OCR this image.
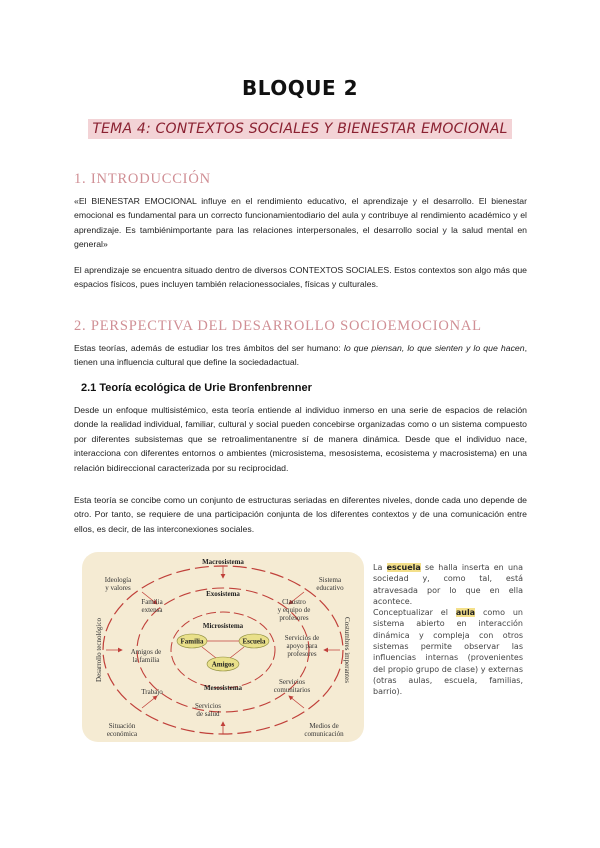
BLOQUE 2
TEMA 4: CONTEXTOS SOCIALES Y BIENESTAR EMOCIONAL
1. INTRODUCCIÓN
«El BIENESTAR EMOCIONAL influye en el rendimiento educativo, el aprendizaje y el desarrollo. El bienestar emocional es fundamental para un correcto funcionamientodiario del aula y contribuye al rendimiento académico y el aprendizaje. Es tambiénimportante para las relaciones interpersonales, el desarrollo social y la salud mental en general»
El aprendizaje se encuentra situado dentro de diversos CONTEXTOS SOCIALES. Estos contextos son algo más que espacios físicos, pues incluyen también relacionessociales, físicas y culturales.
2. PERSPECTIVA DEL DESARROLLO SOCIOEMOCIONAL
Estas teorías, además de estudiar los tres ámbitos del ser humano: lo que piensan, lo que sienten y lo que hacen, tienen una influencia cultural que define la sociedadactual.
2.1 Teoría ecológica de Urie Bronfenbrenner
Desde un enfoque multisistémico, esta teoría entiende al individuo inmerso en una serie de espacios de relación donde la realidad individual, familiar, cultural y social pueden concebirse organizadas como o un sistema compuesto por diferentes subsistemas que se retroalimentanentre sí de manera dinámica. Desde que el individuo nace, interacciona con diferentes entornos o ambientes (microsistema, mesosistema, ecosistema y macrosistema) en una relación bidireccional caracterizada por su reciprocidad.
Esta teoría se concibe como un conjunto de estructuras seriadas en diferentes niveles, donde cada uno depende de otro. Por tanto, se requiere de una participación conjunta de los diferentes contextos y de una comunicación entre ellos, es decir, de las interconexiones sociales.
Macrosistema
Exosistema
Microsistema
Mesosistema
Familia	Escuela
Amigos
Ideología
y valores
Sistema
educativo
Familia
extensa
Claustro
y equipo de
profesores
Amigos de
la familia
Servicios de
apoyo para
profesores
Desarrollo tecnológico	Costumbres imperantes
Trabajo
Servicios
comunitarios
Servicios
de salud
Situación
económica
Medios de
comunicación

La escuela se halla inserta en una sociedad y, como tal, está atravesada por lo que en ella acontece.

Conceptualizar el aula como un sistema abierto en interacción dinámica y compleja con otros sistemas permite observar las influencias internas (provenientes del propio grupo de clase) y externas (otras aulas, escuela, familias, barrio).
